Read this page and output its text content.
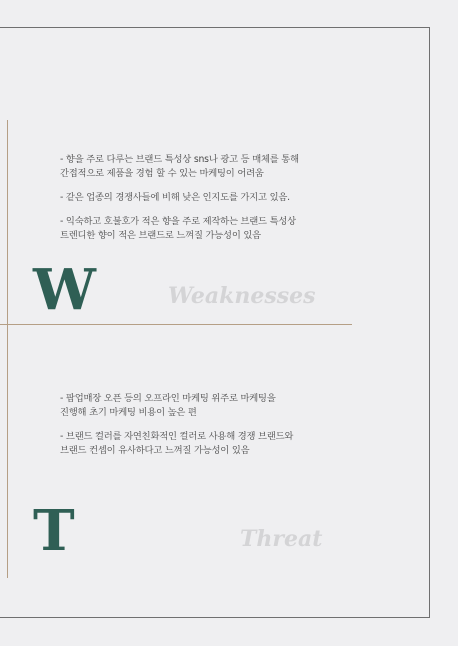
- 향을 주로 다루는 브랜드 특성상 sns나 광고 등 매체를 통해
간접적으로 제품을 경험 할 수 있는 마케팅이 어려움

- 같은 업종의 경쟁사들에 비해 낮은 인지도를 가지고 있음.

- 익숙하고 호불호가 적은 향을 주로 제작하는 브랜드 특성상
트렌디한 향이 적은 브랜드로 느껴질 가능성이 있음

W	Weaknesses

- 팝업매장 오픈 등의 오프라인 마케팅 위주로 마케팅을
진행해 초기 마케팅 비용이 높은 편

- 브랜드 컬러를 자연친화적인 컬러로 사용해 경쟁 브랜드와
브랜드 컨셉이 유사하다고 느껴질 가능성이 있음

T	Threat
